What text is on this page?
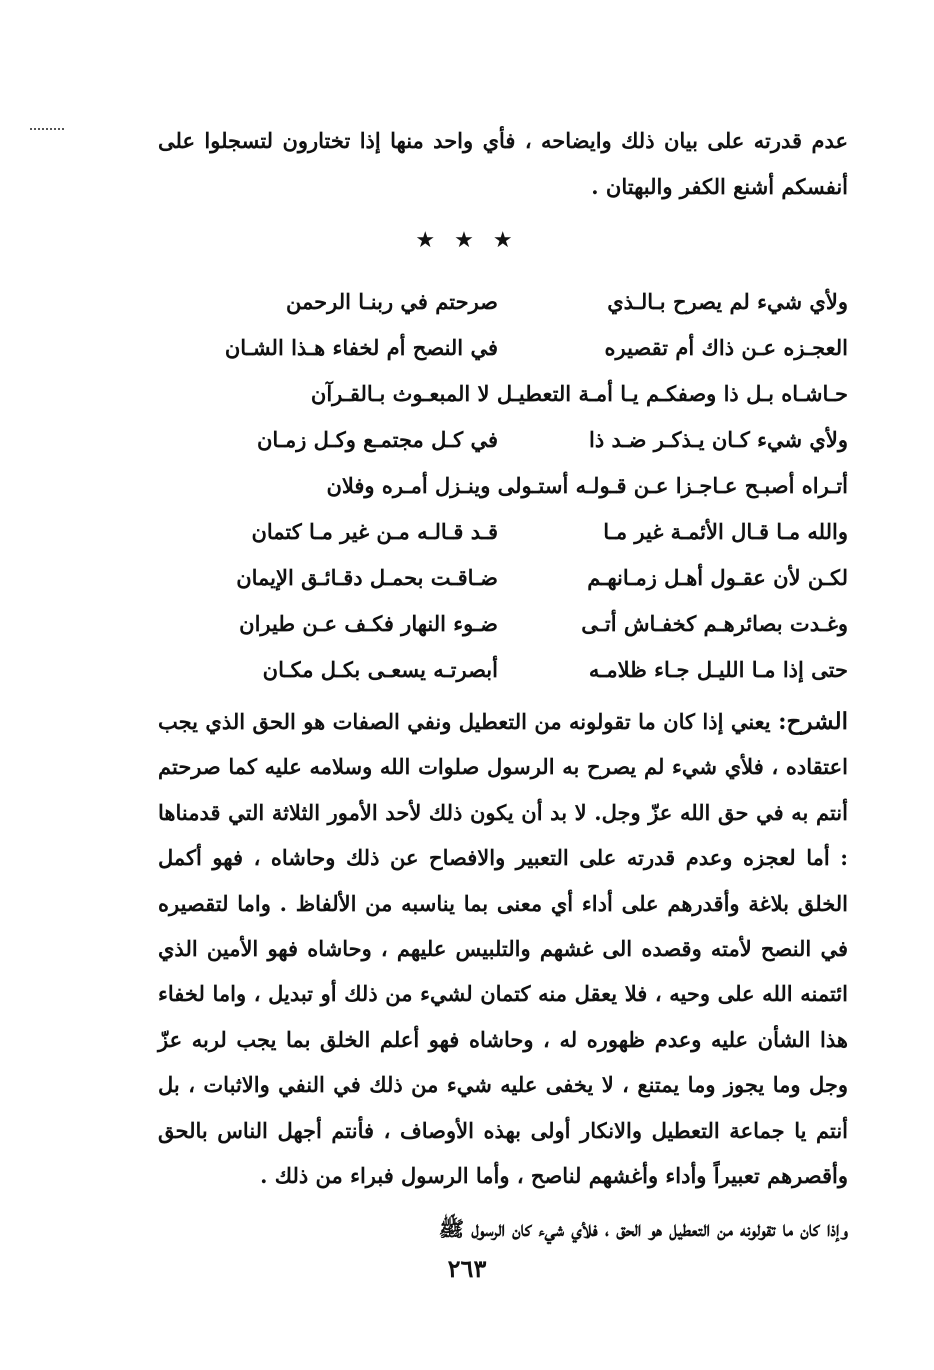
عدم قدرته على بيان ذلك وايضاحه ، فأي واحد منها إذا تختارون لتسجلوا على أنفسكم أشنع الكفر والبهتان .

★ ★ ★
ولأي شيء لم يصرح بـالـذي
صرحتم في ربنـا الرحمن
العجـزه عـن ذاك أم تقصيره
في النصح أم لخفاء هـذا الشـان
حـاشـاه بـل ذا وصفكـم يـا أمـة التعطيـل لا المبعـوث بـالقـرآن
ولأي شيء كـان يـذكـر ضـد ذا
في كـل مجتمـع وكـل زمـان
أتـراه أصبـح عـاجـزا عـن قـولـه أستـولى وينـزل أمـره وفلان
والله مـا قـال الأئمـة غير مـا
قـد قـالـه مـن غير مـا كتمان
لكـن لأن عقـول أهـل زمـانهـم
ضـاقـت بحمـل دقـائـق الإيمان
وغـدت بصائرهـم كخفـاش أتـى
ضـوء النهار فكـف عـن طيران
حتى إذا مـا الليـل جـاء ظلامـه
أبصرتـه يسعـى بكـل مكـان

الشرح: يعني إذا كان ما تقولونه من التعطيل ونفي الصفات هو الحق الذي يجب اعتقاده ، فلأي شيء لم يصرح به الرسول صلوات الله وسلامه عليه كما صرحتم أنتم به في حق الله عزّ وجل. لا بد أن يكون ذلك لأحد الأمور الثلاثة التي قدمناها : أما لعجزه وعدم قدرته على التعبير والافصاح عن ذلك وحاشاه ، فهو أكمل الخلق بلاغة وأقدرهم على أداء أي معنى بما يناسبه من الألفاظ . واما لتقصيره في النصح لأمته وقصده الى غشهم والتلبيس عليهم ، وحاشاه فهو الأمين الذي ائتمنه الله على وحيه ، فلا يعقل منه كتمان لشيء من ذلك أو تبديل ، واما لخفاء هذا الشأن عليه وعدم ظهوره له ، وحاشاه فهو أعلم الخلق بما يجب لربه عزّ وجل وما يجوز وما يمتنع ، لا يخفى عليه شيء من ذلك في النفي والاثبات ، بل أنتم يا جماعة التعطيل والانكار أولى بهذه الأوصاف ، فأنتم أجهل الناس بالحق وأقصرهم تعبيراً وأداء وأغشهم لناصح ، وأما الرسول فبراء من ذلك .

وإذا كان ما تقولونه من التعطيل هو الحق ، فلأي شيء كان الرسول ﷺ

٢٦٣
